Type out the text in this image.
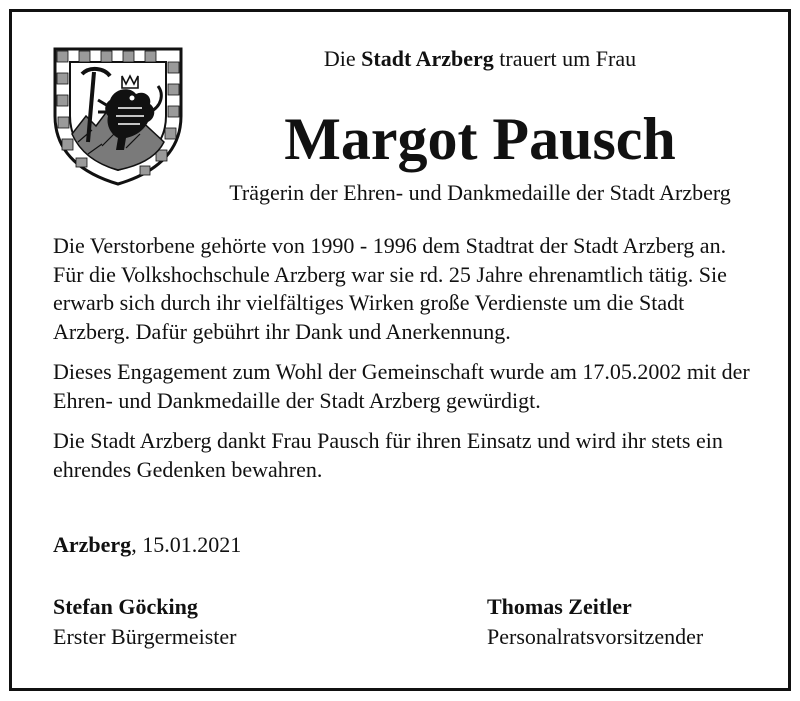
Die Stadt Arzberg trauert um Frau
Margot Pausch
Trägerin der Ehren- und Dankmedaille der Stadt Arzberg

Die Verstorbene gehörte von 1990 - 1996 dem Stadtrat der Stadt Arzberg an. Für die Volkshochschule Arzberg war sie rd. 25 Jahre ehrenamtlich tätig. Sie erwarb sich durch ihr vielfältiges Wirken große Verdienste um die Stadt Arzberg. Dafür gebührt ihr Dank und Anerkennung.

Dieses Engagement zum Wohl der Gemeinschaft wurde am 17.05.2002 mit der Ehren- und Dankmedaille der Stadt Arzberg gewürdigt.

Die Stadt Arzberg dankt Frau Pausch für ihren Einsatz und wird ihr stets ein ehrendes Gedenken bewahren.

Arzberg, 15.01.2021
Stefan Göcking
Erster Bürgermeister
Thomas Zeitler
Personalratsvorsitzender
